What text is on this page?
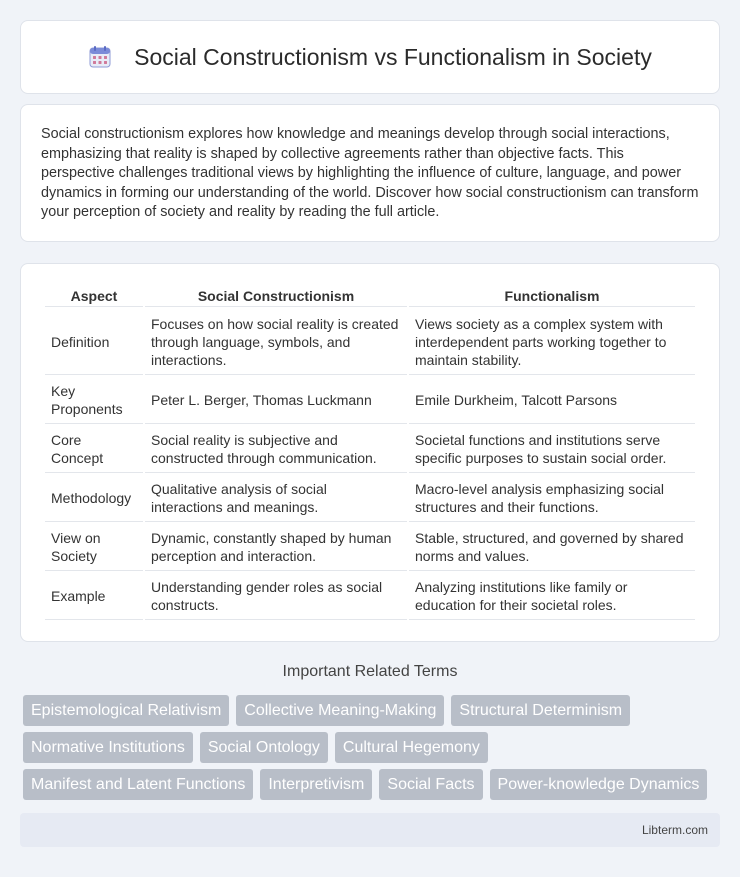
Social Constructionism vs Functionalism in Society

Social constructionism explores how knowledge and meanings develop through social interactions, emphasizing that reality is shaped by collective agreements rather than objective facts. This perspective challenges traditional views by highlighting the influence of culture, language, and power dynamics in forming our understanding of the world. Discover how social constructionism can transform your perception of society and reality by reading the full article.

Aspect	Social Constructionism	Functionalism
Definition	Focuses on how social reality is created through language, symbols, and interactions.	Views society as a complex system with interdependent parts working together to maintain stability.
Key Proponents	Peter L. Berger, Thomas Luckmann	Emile Durkheim, Talcott Parsons
Core Concept	Social reality is subjective and constructed through communication.	Societal functions and institutions serve specific purposes to sustain social order.
Methodology	Qualitative analysis of social interactions and meanings.	Macro-level analysis emphasizing social structures and their functions.
View on Society	Dynamic, constantly shaped by human perception and interaction.	Stable, structured, and governed by shared norms and values.
Example	Understanding gender roles as social constructs.	Analyzing institutions like family or education for their societal roles.
Important Related Terms
Epistemological Relativism	Collective Meaning-Making	Structural Determinism
Normative Institutions	Social Ontology	Cultural Hegemony
Manifest and Latent Functions	Interpretivism	Social Facts	Power-knowledge Dynamics
Libterm.com
